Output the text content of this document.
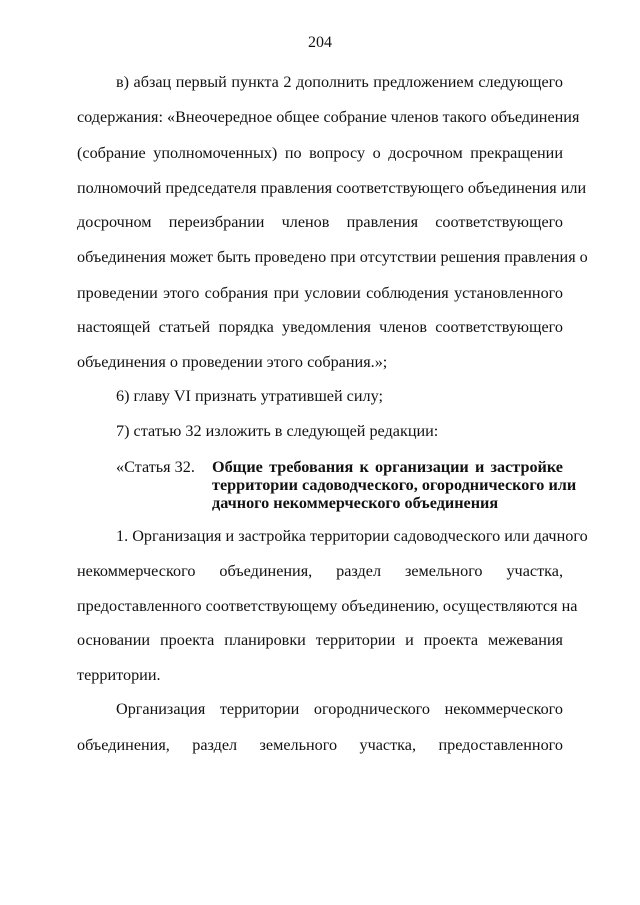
204
в) абзац первый пункта 2 дополнить предложением следующего
содержания: «Внеочередное общее собрание членов такого объединения
(собрание уполномоченных) по вопросу о досрочном прекращении
полномочий председателя правления соответствующего объединения или
досрочном переизбрании членов правления соответствующего
объединения может быть проведено при отсутствии решения правления о
проведении этого собрания при условии соблюдения установленного
настоящей статьей порядка уведомления членов соответствующего
объединения о проведении этого собрания.»;
6) главу VI признать утратившей силу;
7) статью 32 изложить в следующей редакции:
«Статья 32. Общие требования к организации и застройке
территории садоводческого, огороднического или
дачного некоммерческого объединения
1. Организация и застройка территории садоводческого или дачного
некоммерческого объединения, раздел земельного участка,
предоставленного соответствующему объединению, осуществляются на
основании проекта планировки территории и проекта межевания
территории.
Организация территории огороднического некоммерческого
объединения, раздел земельного участка, предоставленного
